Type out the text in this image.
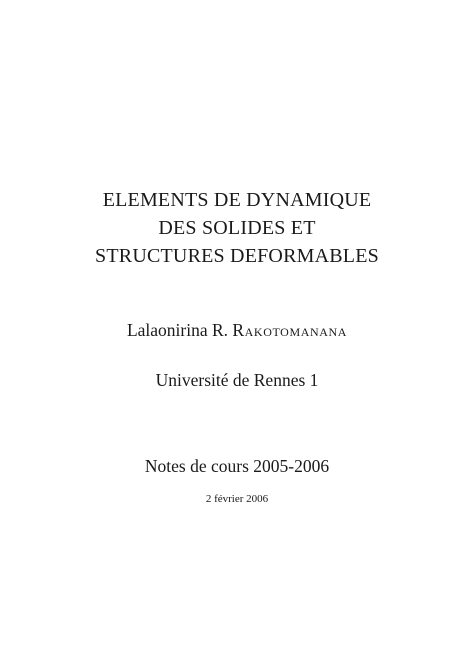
ELEMENTS DE DYNAMIQUE
DES SOLIDES ET
STRUCTURES DEFORMABLES
Lalaonirina R. Rakotomanana
Université de Rennes 1
Notes de cours 2005-2006
2 février 2006
